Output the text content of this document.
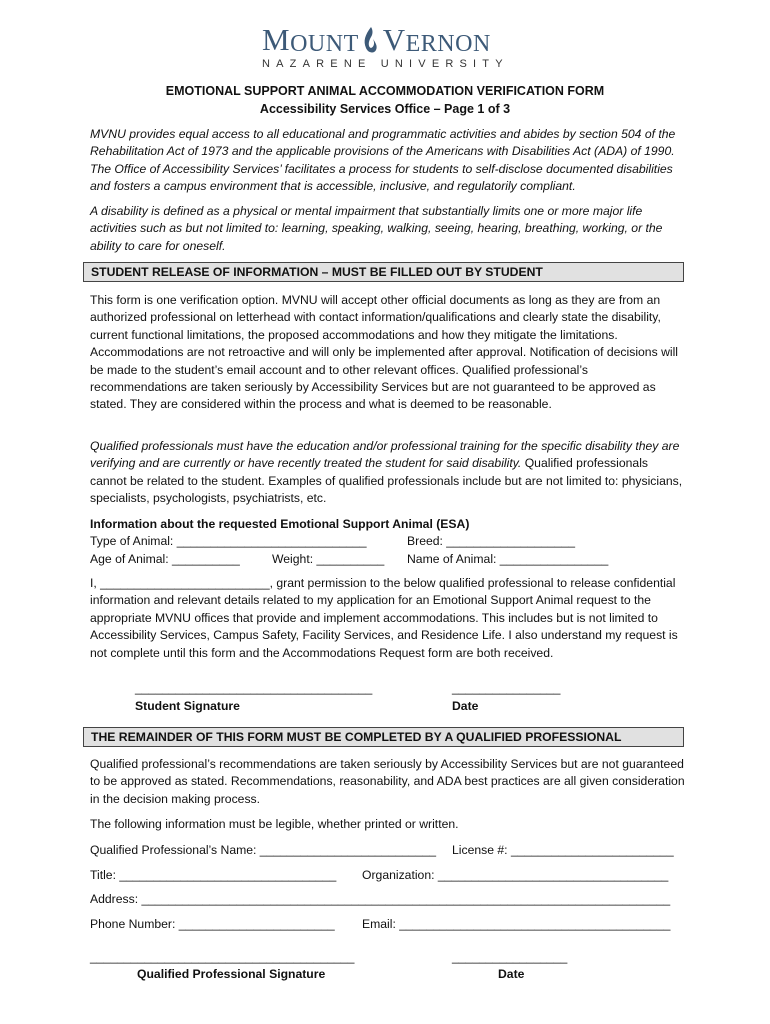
M OUNT V ERNON
NAZARENE UNIVERSITY
EMOTIONAL SUPPORT ANIMAL ACCOMMODATION VERIFICATION FORM
Accessibility Services Office – Page 1 of 3
MVNU provides equal access to all educational and programmatic activities and abides by section 504 of the Rehabilitation Act of 1973 and the applicable provisions of the Americans with Disabilities Act (ADA) of 1990. The Office of Accessibility Services’ facilitates a process for students to self-disclose documented disabilities and fosters a campus environment that is accessible, inclusive, and regulatorily compliant.
A disability is defined as a physical or mental impairment that substantially limits one or more major life activities such as but not limited to: learning, speaking, walking, seeing, hearing, breathing, working, or the ability to care for oneself.
STUDENT RELEASE OF INFORMATION – MUST BE FILLED OUT BY STUDENT
This form is one verification option. MVNU will accept other official documents as long as they are from an authorized professional on letterhead with contact information/qualifications and clearly state the disability, current functional limitations, the proposed accommodations and how they mitigate the limitations. Accommodations are not retroactive and will only be implemented after approval. Notification of decisions will be made to the student’s email account and to other relevant offices. Qualified professional’s recommendations are taken seriously by Accessibility Services but are not guaranteed to be approved as stated. They are considered within the process and what is deemed to be reasonable.
Qualified professionals must have the education and/or professional training for the specific disability they are verifying and are currently or have recently treated the student for said disability. Qualified professionals cannot be related to the student. Examples of qualified professionals include but are not limited to: physicians, specialists, psychologists, psychiatrists, etc.
Information about the requested Emotional Support Animal (ESA)
Type of Animal: ____________________________	Breed: ___________________
Age of Animal: __________	Weight: __________ Name of Animal: ________________
I, _________________________, grant permission to the below qualified professional to release confidential information and relevant details related to my application for an Emotional Support Animal request to the appropriate MVNU offices that provide and implement accommodations. This includes but is not limited to Accessibility Services, Campus Safety, Facility Services, and Residence Life. I also understand my request is not complete until this form and the Accommodations Request form are both received.
___________________________________	________________
Student Signature	Date
THE REMAINDER OF THIS FORM MUST BE COMPLETED BY A QUALIFIED PROFESSIONAL
Qualified professional’s recommendations are taken seriously by Accessibility Services but are not guaranteed to be approved as stated. Recommendations, reasonability, and ADA best practices are all given consideration in the decision making process.
The following information must be legible, whether printed or written.
Qualified Professional’s Name: __________________________ License #: ________________________
Title: ________________________________ Organization: __________________________________
Address: ______________________________________________________________________________
Phone Number: _______________________ Email: ________________________________________
_______________________________________	_________________
Qualified Professional Signature	Date
